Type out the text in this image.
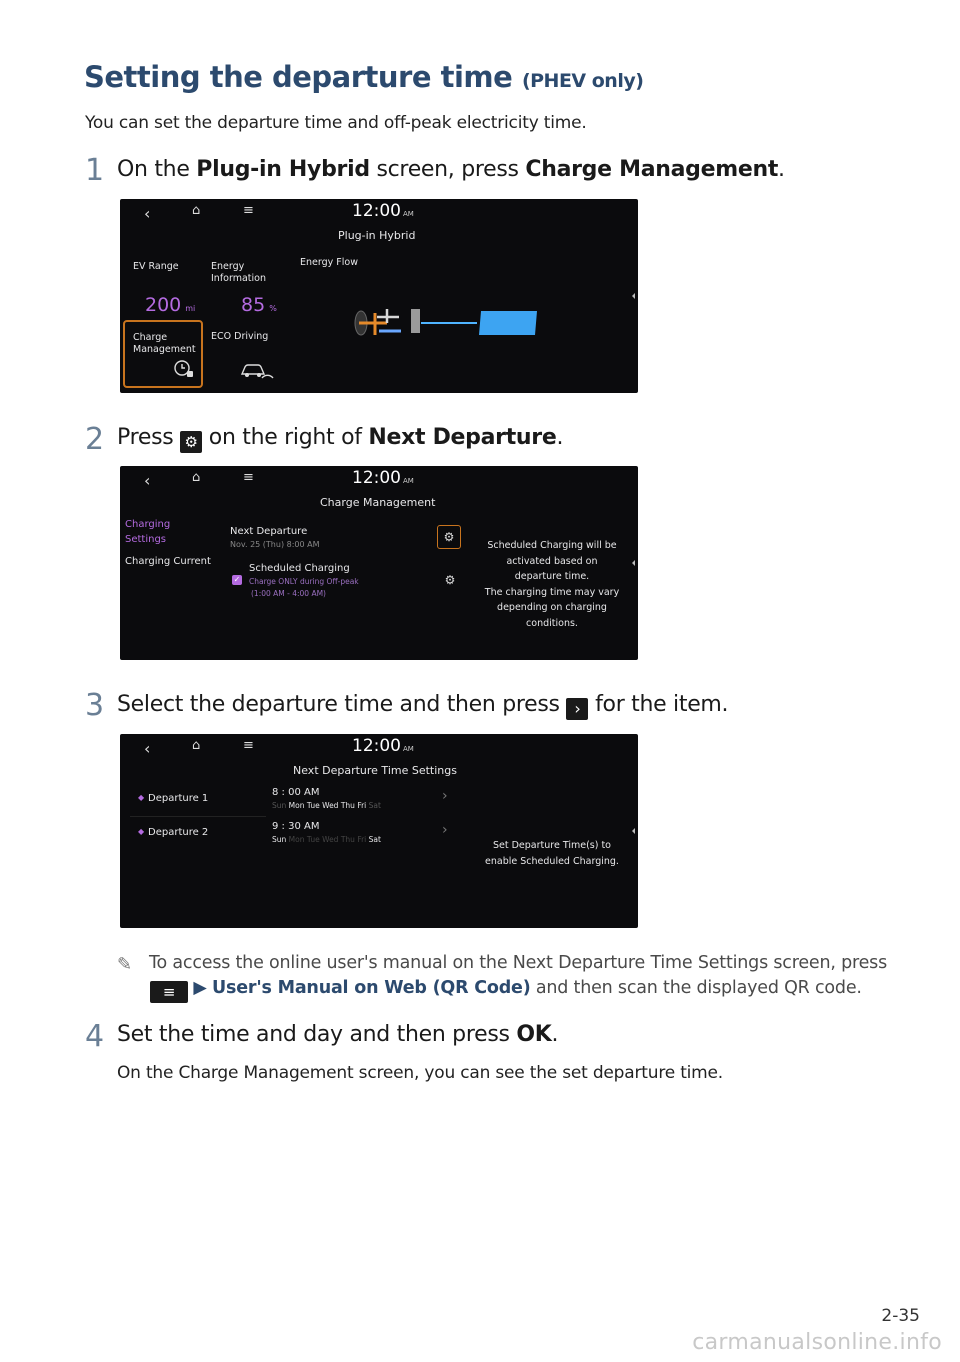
Setting the departure time (PHEV only)
You can set the departure time and off-peak electricity time.
1 On the Plug-in Hybrid screen, press Charge Management.
‹	⌂	≡	12:00 AM
Plug-in Hybrid
EV Range
200 mi
Energy
Information
85 %
Energy Flow
Charge
Management
ECO Driving
2 Press ⚙ on the right of Next Departure.
‹	⌂	≡	12:00 AM
Charge Management
Charging
Settings
Charging Current
Next Departure
Nov. 25 (Thu) 8:00 AM
⚙
Scheduled Charging
✓ Charge ONLY during Off-peak
(1:00 AM - 4:00 AM)
⚙
Scheduled Charging will be
activated based on
departure time.
The charging time may vary
depending on charging
conditions.
3 Select the departure time and then press › for the item.
‹	⌂	≡	12:00 AM
Next Departure Time Settings
◆ Departure 1
◆ Departure 2
8 : 00 AM
Sun Mon Tue Wed Thu Fri Sat
›
9 : 30 AM
Sun Mon Tue Wed Thu Fri Sat
›
Set Departure Time(s) to
enable Scheduled Charging.
✎ To access the online user's manual on the Next Departure Time Settings screen, press
≡ ▶ User's Manual on Web (QR Code) and then scan the displayed QR code.
4 Set the time and day and then press OK.
On the Charge Management screen, you can see the set departure time.
2-35
carmanualsonline.info
